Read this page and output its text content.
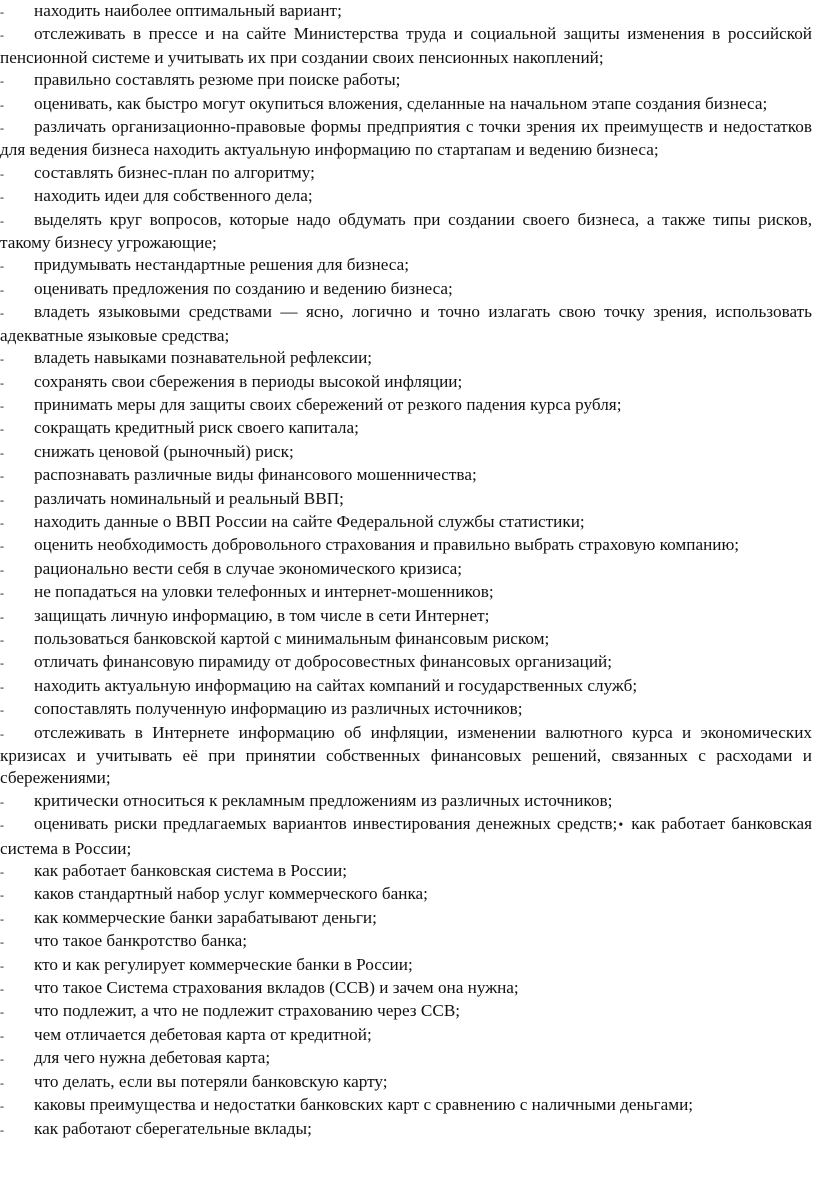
- находить наиболее оптимальный вариант;

- отслеживать в прессе и на сайте Министерства труда и социальной защиты изменения в российской пенсионной системе и учитывать их при создании своих пенсионных накоплений;

- правильно составлять резюме при поиске работы;

- оценивать, как быстро могут окупиться вложения, сделанные на начальном этапе создания бизнеса;

- различать организационно-правовые формы предприятия с точки зрения их преимуществ и недостатков для ведения бизнеса находить актуальную информацию по стартапам и ведению бизнеса;

- составлять бизнес-план по алгоритму;

- находить идеи для собственного дела;

- выделять круг вопросов, которые надо обдумать при создании своего бизнеса, а также типы рисков, такому бизнесу угрожающие;

- придумывать нестандартные решения для бизнеса;

- оценивать предложения по созданию и ведению бизнеса;

- владеть языковыми средствами — ясно, логично и точно излагать свою точку зрения, использовать адекватные языковые средства;

- владеть навыками познавательной рефлексии;

- сохранять свои сбережения в периоды высокой инфляции;

- принимать меры для защиты своих сбережений от резкого падения курса рубля;

- сокращать кредитный риск своего капитала;

- снижать ценовой (рыночный) риск;

- распознавать различные виды финансового мошенничества;

- различать номинальный и реальный ВВП;

- находить данные о ВВП России на сайте Федеральной службы статистики;

- оценить необходимость добровольного страхования и правильно выбрать страховую компанию;

- рационально вести себя в случае экономического кризиса;

- не попадаться на уловки телефонных и интернет-мошенников;

- защищать личную информацию, в том числе в сети Интернет;

- пользоваться банковской картой с минимальным финансовым риском;

- отличать финансовую пирамиду от добросовестных финансовых организаций;

- находить актуальную информацию на сайтах компаний и государственных служб;

- сопоставлять полученную информацию из различных источников;

- отслеживать в Интернете информацию об инфляции, изменении валютного курса и экономических кризисах и учитывать её при принятии собственных финансовых решений, связанных с расходами и сбережениями;

- критически относиться к рекламным предложениям из различных источников;

- оценивать риски предлагаемых вариантов инвестирования денежных средств;• как работает банковская система в России;

- как работает банковская система в России;

- каков стандартный набор услуг коммерческого банка;

- как коммерческие банки зарабатывают деньги;

- что такое банкротство банка;

- кто и как регулирует коммерческие банки в России;

- что такое Система страхования вкладов (ССВ) и зачем она нужна;

- что подлежит, а что не подлежит страхованию через ССВ;

- чем отличается дебетовая карта от кредитной;

- для чего нужна дебетовая карта;

- что делать, если вы потеряли банковскую карту;

- каковы преимущества и недостатки банковских карт с сравнению с наличными деньгами;

- как работают сберегательные вклады;
